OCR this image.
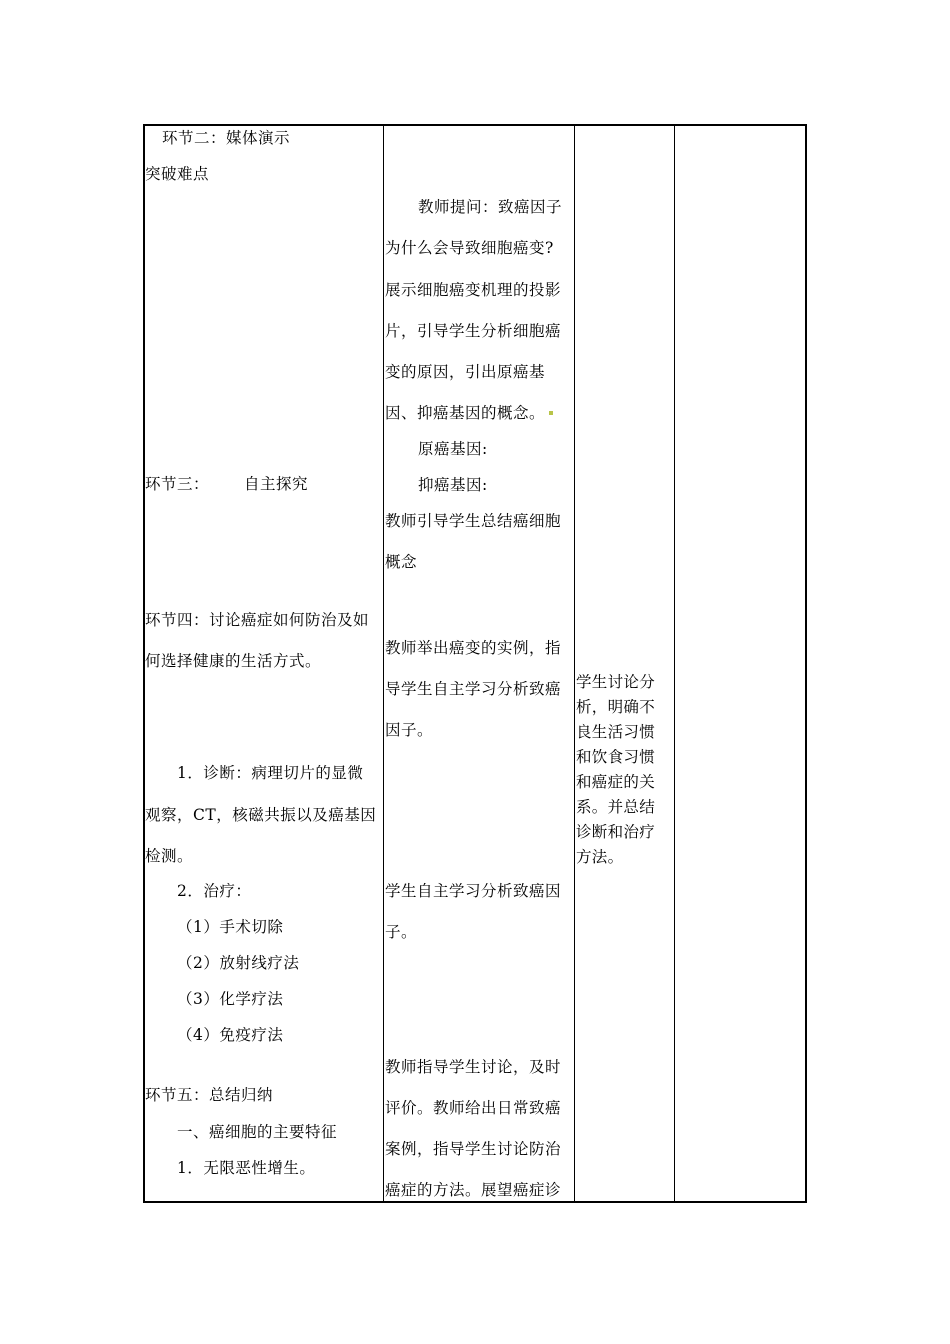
环节二：媒体演示
突破难点
环节三： 自主探究
环节四：讨论癌症如何防治及如
何选择健康的生活方式。
1．诊断：病理切片的显微
观察，CT，核磁共振以及癌基因
检测。
2．治疗：
（1）手术切除
（2）放射线疗法
（3）化学疗法
（4）免疫疗法
环节五：总结归纳
一、癌细胞的主要特征
1．无限恶性增生。
教师提问：致癌因子
为什么会导致细胞癌变?
展示细胞癌变机理的投影
片，引导学生分析细胞癌
变的原因，引出原癌基
因、抑癌基因的概念。
原癌基因:
抑癌基因:
教师引导学生总结癌细胞
概念
教师举出癌变的实例，指
导学生自主学习分析致癌
因子。
学生自主学习分析致癌因
子。
教师指导学生讨论，及时
评价。教师给出日常致癌
案例，指导学生讨论防治
癌症的方法。展望癌症诊
学生讨论分
析，明确不
良生活习惯
和饮食习惯
和癌症的关
系。并总结
诊断和治疗
方法。
